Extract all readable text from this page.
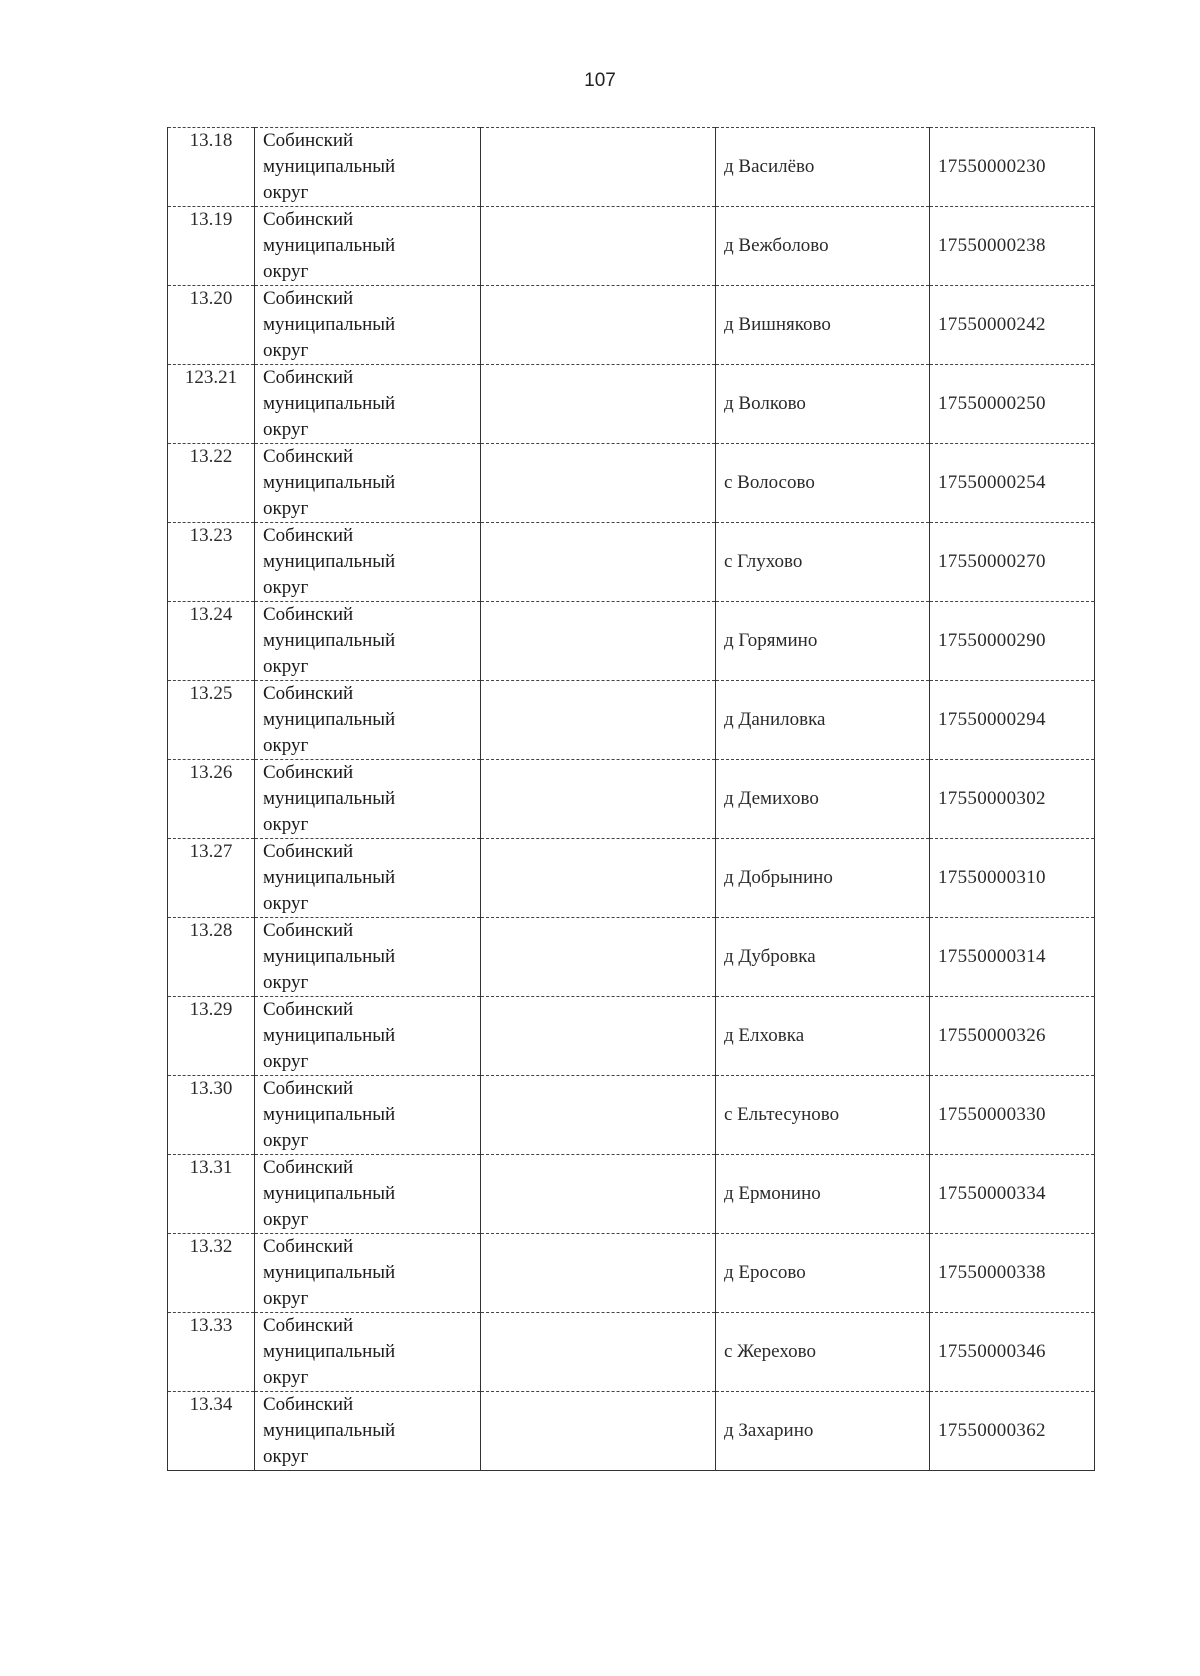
107
13.18	Собинский
муниципальный
округ		д Василёво	17550000230
13.19	Собинский
муниципальный
округ		д Вежболово	17550000238
13.20	Собинский
муниципальный
округ		д Вишняково	17550000242
123.21	Собинский
муниципальный
округ		д Волково	17550000250
13.22	Собинский
муниципальный
округ		с Волосово	17550000254
13.23	Собинский
муниципальный
округ		с Глухово	17550000270
13.24	Собинский
муниципальный
округ		д Горямино	17550000290
13.25	Собинский
муниципальный
округ		д Даниловка	17550000294
13.26	Собинский
муниципальный
округ		д Демихово	17550000302
13.27	Собинский
муниципальный
округ		д Добрынино	17550000310
13.28	Собинский
муниципальный
округ		д Дубровка	17550000314
13.29	Собинский
муниципальный
округ		д Елховка	17550000326
13.30	Собинский
муниципальный
округ		с Ельтесуново	17550000330
13.31	Собинский
муниципальный
округ		д Ермонино	17550000334
13.32	Собинский
муниципальный
округ		д Еросово	17550000338
13.33	Собинский
муниципальный
округ		с Жерехово	17550000346
13.34	Собинский
муниципальный
округ		д Захарино	17550000362
